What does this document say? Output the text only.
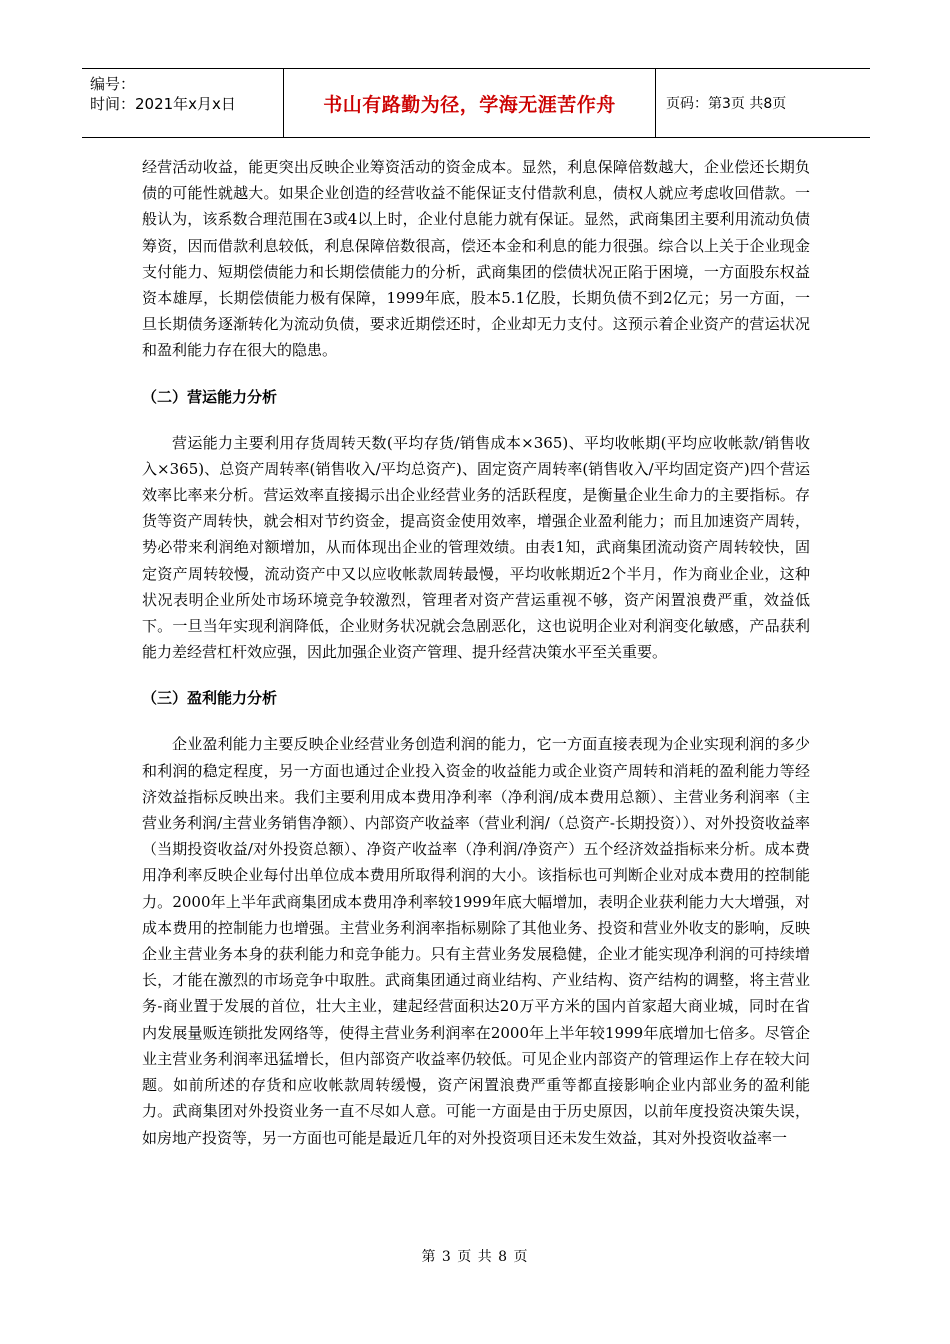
编号：
时间：2021年x月x日	书山有路勤为径，学海无涯苦作舟	页码：第3页 共8页

经营活动收益，能更突出反映企业筹资活动的资金成本。显然，利息保障倍数越大，企业偿还长期负债的可能性就越大。如果企业创造的经营收益不能保证支付借款利息，债权人就应考虑收回借款。一般认为，该系数合理范围在3或4以上时，企业付息能力就有保证。显然，武商集团主要利用流动负债筹资，因而借款利息较低，利息保障倍数很高，偿还本金和利息的能力很强。综合以上关于企业现金支付能力、短期偿债能力和长期偿债能力的分析，武商集团的偿债状况正陷于困境，一方面股东权益资本雄厚，长期偿债能力极有保障，1999年底，股本5.1亿股，长期负债不到2亿元；另一方面，一旦长期债务逐渐转化为流动负债，要求近期偿还时，企业却无力支付。这预示着企业资产的营运状况和盈利能力存在很大的隐患。

（二）营运能力分析

营运能力主要利用存货周转天数(平均存货/销售成本×365)、平均收帐期(平均应收帐款/销售收入×365)、总资产周转率(销售收入/平均总资产)、固定资产周转率(销售收入/平均固定资产)四个营运效率比率来分析。营运效率直接揭示出企业经营业务的活跃程度，是衡量企业生命力的主要指标。存货等资产周转快，就会相对节约资金，提高资金使用效率，增强企业盈利能力；而且加速资产周转，势必带来利润绝对额增加，从而体现出企业的管理效绩。由表1知，武商集团流动资产周转较快，固定资产周转较慢，流动资产中又以应收帐款周转最慢，平均收帐期近2个半月，作为商业企业，这种状况表明企业所处市场环境竞争较激烈，管理者对资产营运重视不够，资产闲置浪费严重，效益低下。一旦当年实现利润降低，企业财务状况就会急剧恶化，这也说明企业对利润变化敏感，产品获利能力差经营杠杆效应强，因此加强企业资产管理、提升经营决策水平至关重要。

（三）盈利能力分析

企业盈利能力主要反映企业经营业务创造利润的能力，它一方面直接表现为企业实现利润的多少和利润的稳定程度，另一方面也通过企业投入资金的收益能力或企业资产周转和消耗的盈利能力等经济效益指标反映出来。我们主要利用成本费用净利率（净利润/成本费用总额）、主营业务利润率（主营业务利润/主营业务销售净额）、内部资产收益率（营业利润/（总资产-长期投资））、对外投资收益率（当期投资收益/对外投资总额）、净资产收益率（净利润/净资产）五个经济效益指标来分析。成本费用净利率反映企业每付出单位成本费用所取得利润的大小。该指标也可判断企业对成本费用的控制能力。2000年上半年武商集团成本费用净利率较1999年底大幅增加，表明企业获利能力大大增强，对成本费用的控制能力也增强。主营业务利润率指标剔除了其他业务、投资和营业外收支的影响，反映企业主营业务本身的获利能力和竞争能力。只有主营业务发展稳健，企业才能实现净利润的可持续增长，才能在激烈的市场竞争中取胜。武商集团通过商业结构、产业结构、资产结构的调整，将主营业务-商业置于发展的首位，壮大主业，建起经营面积达20万平方米的国内首家超大商业城，同时在省内发展量贩连锁批发网络等，使得主营业务利润率在2000年上半年较1999年底增加七倍多。尽管企业主营业务利润率迅猛增长，但内部资产收益率仍较低。可见企业内部资产的管理运作上存在较大问题。如前所述的存货和应收帐款周转缓慢，资产闲置浪费严重等都直接影响企业内部业务的盈利能力。武商集团对外投资业务一直不尽如人意。可能一方面是由于历史原因，以前年度投资决策失误，如房地产投资等，另一方面也可能是最近几年的对外投资项目还未发生效益，其对外投资收益率一

第 3 页 共 8 页
